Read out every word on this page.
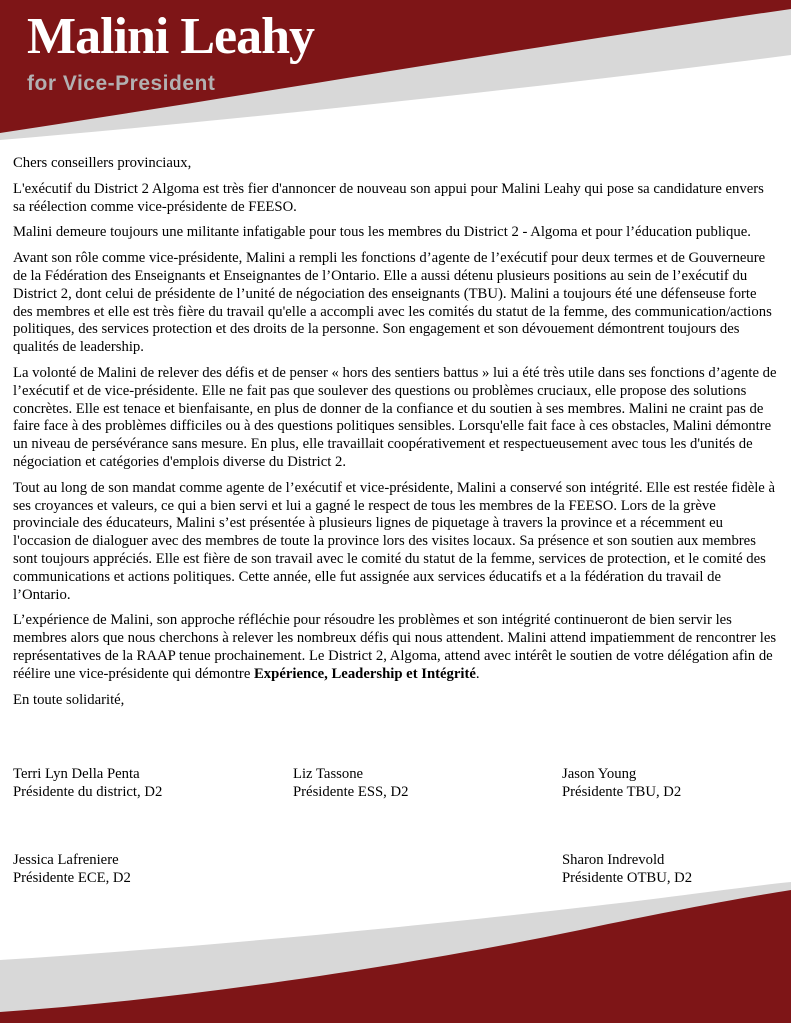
Malini Leahy
for Vice-President

Chers conseillers provinciaux,

L'exécutif du District 2 Algoma est très fier d'annoncer de nouveau son appui pour Malini Leahy qui pose sa candidature envers sa réélection comme vice-présidente de FEESO.

Malini demeure toujours une militante infatigable pour tous les membres du District 2 - Algoma et pour l’éducation publique.

Avant son rôle comme vice-présidente, Malini a rempli les fonctions d’agente de l’exécutif pour deux termes et de Gouverneure de la Fédération des Enseignants et Enseignantes de l’Ontario. Elle a aussi détenu plusieurs positions au sein de l’exécutif du District 2, dont celui de présidente de l’unité de négociation des enseignants (TBU). Malini a toujours été une défenseuse forte des membres et elle est très fière du travail qu'elle a accompli avec les comités du statut de la femme, des communication/actions politiques, des services protection et des droits de la personne. Son engagement et son dévouement démontrent toujours des qualités de leadership.

La volonté de Malini de relever des défis et de penser « hors des sentiers battus » lui a été très utile dans ses fonctions d’agente de l’exécutif et de vice-présidente. Elle ne fait pas que soulever des questions ou problèmes cruciaux, elle propose des solutions concrètes. Elle est tenace et bienfaisante, en plus de donner de la confiance et du soutien à ses membres. Malini ne craint pas de faire face à des problèmes difficiles ou à des questions politiques sensibles. Lorsqu'elle fait face à ces obstacles, Malini démontre un niveau de persévérance sans mesure. En plus, elle travaillait coopérativement et respectueusement avec tous les d'unités de négociation et catégories d'emplois diverse du District 2.

Tout au long de son mandat comme agente de l’exécutif et vice-présidente, Malini a conservé son intégrité. Elle est restée fidèle à ses croyances et valeurs, ce qui a bien servi et lui a gagné le respect de tous les membres de la FEESO. Lors de la grève provinciale des éducateurs, Malini s’est présentée à plusieurs lignes de piquetage à travers la province et a récemment eu l'occasion de dialoguer avec des membres de toute la province lors des visites locaux. Sa présence et son soutien aux membres sont toujours appréciés. Elle est fière de son travail avec le comité du statut de la femme, services de protection, et le comité des communications et actions politiques. Cette année, elle fut assignée aux services éducatifs et a la fédération du travail de l’Ontario.

L’expérience de Malini, son approche réfléchie pour résoudre les problèmes et son intégrité continueront de bien servir les membres alors que nous cherchons à relever les nombreux défis qui nous attendent. Malini attend impatiemment de rencontrer les représentatives de la RAAP tenue prochainement. Le District 2, Algoma, attend avec intérêt le soutien de votre délégation afin de réélire une vice-présidente qui démontre Expérience, Leadership et Intégrité.

En toute solidarité,

Terri Lyn Della Penta
Présidente du district, D2
Liz Tassone
Présidente ESS, D2
Jason Young
Présidente TBU, D2
Jessica Lafreniere
Présidente ECE, D2
Sharon Indrevold
Présidente OTBU, D2
